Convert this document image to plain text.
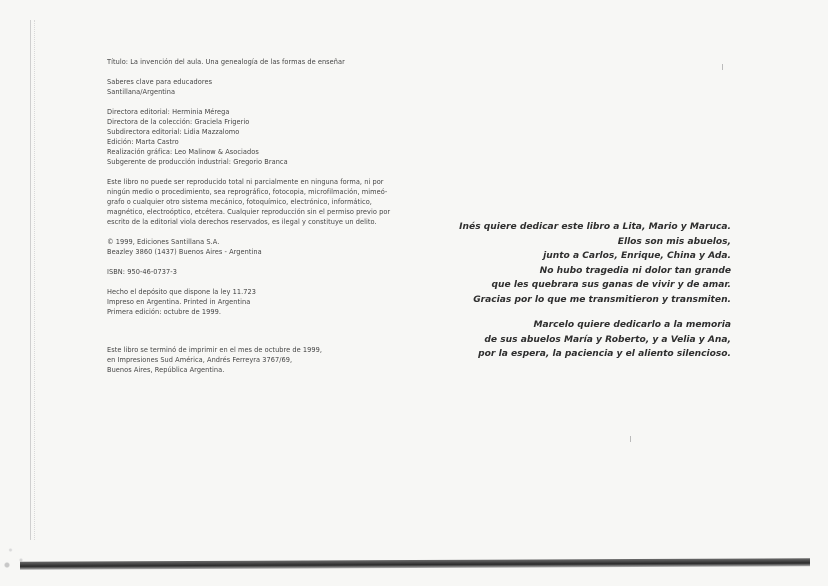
Título: La invención del aula. Una genealogía de las formas de enseñar

Saberes clave para educadores

Santillana/Argentina

Directora editorial: Herminia Mérega

Directora de la colección: Graciela Frigerio

Subdirectora editorial: Lidia Mazzalomo

Edición: Marta Castro

Realización gráfica: Leo Malinow & Asociados

Subgerente de producción industrial: Gregorio Branca

Este libro no puede ser reproducido total ni parcialmente en ninguna forma, ni por

ningún medio o procedimiento, sea reprográfico, fotocopia, microfilmación, mimeó-

grafo o cualquier otro sistema mecánico, fotoquímico, electrónico, informático,

magnético, electroóptico, etcétera. Cualquier reproducción sin el permiso previo por

escrito de la editorial viola derechos reservados, es ilegal y constituye un delito.

© 1999, Ediciones Santillana S.A.

Beazley 3860 (1437) Buenos Aires - Argentina

ISBN: 950-46-0737-3

Hecho el depósito que dispone la ley 11.723

Impreso en Argentina. Printed in Argentina

Primera edición: octubre de 1999.

Este libro se terminó de imprimir en el mes de octubre de 1999,

en Impresiones Sud América, Andrés Ferreyra 3767/69,

Buenos Aires, República Argentina.

Inés quiere dedicar este libro a Lita, Mario y Maruca.

Ellos son mis abuelos,

junto a Carlos, Enrique, China y Ada.

No hubo tragedia ni dolor tan grande

que les quebrara sus ganas de vivir y de amar.

Gracias por lo que me transmitieron y transmiten.

Marcelo quiere dedicarlo a la memoria

de sus abuelos María y Roberto, y a Velia y Ana,

por la espera, la paciencia y el aliento silencioso.
